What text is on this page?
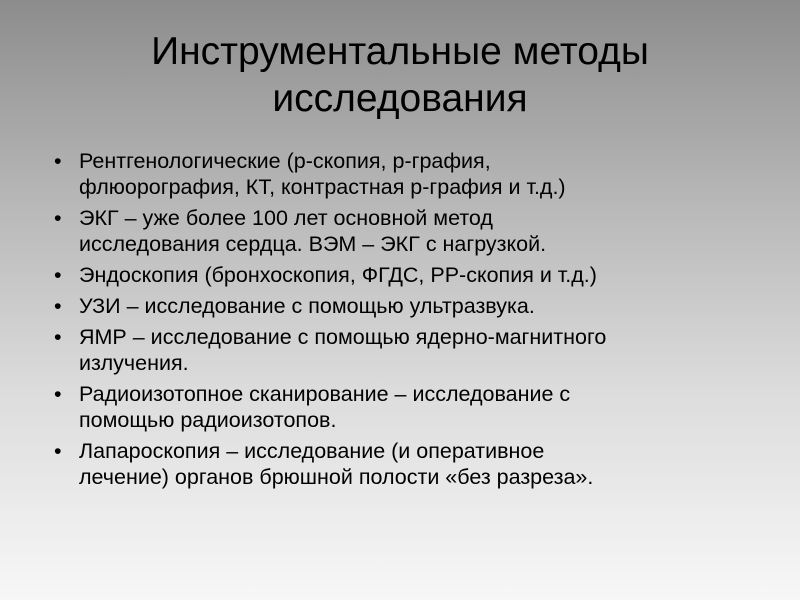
Инструментальные методы
исследования
• Рентгенологические (р-скопия, р-графия,
флюорография, КТ, контрастная р-графия и т.д.)
• ЭКГ – уже более 100 лет основной метод
исследования сердца. ВЭМ – ЭКГ с нагрузкой.
• Эндоскопия (бронхоскопия, ФГДС, РР-скопия и т.д.)
• УЗИ – исследование с помощью ультразвука.
• ЯМР – исследование с помощью ядерно-магнитного
излучения.
• Радиоизотопное сканирование – исследование с
помощью радиоизотопов.
• Лапароскопия – исследование (и оперативное
лечение) органов брюшной полости «без разреза».
